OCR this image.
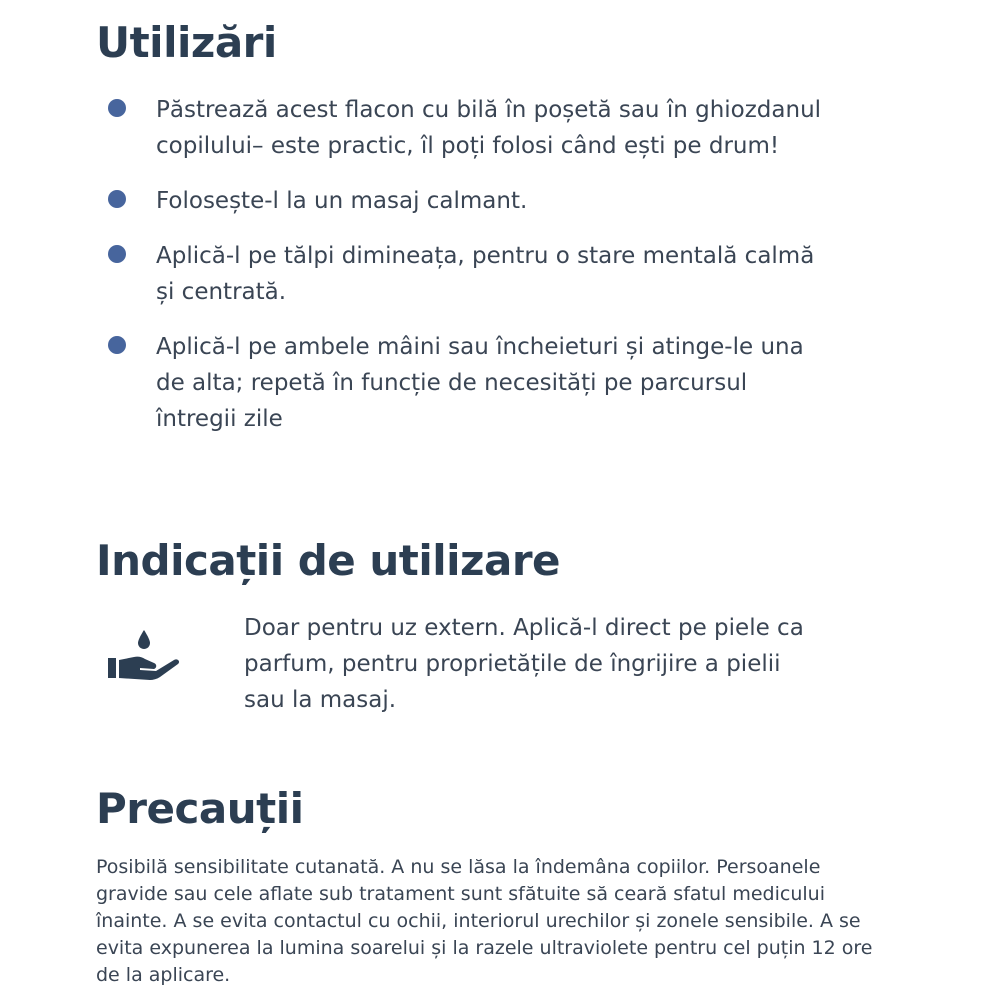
Utilizări
Păstrează acest flacon cu bilă în poșetă sau în ghiozdanul copilului– este practic, îl poți folosi când ești pe drum!
Folosește-l la un masaj calmant.
Aplică-l pe tălpi dimineața, pentru o stare mentală calmă și centrată.
Aplică-l pe ambele mâini sau încheieturi și atinge-le una de alta; repetă în funcție de necesități pe parcursul întregii zile
Indicații de utilizare

Doar pentru uz extern. Aplică-l direct pe piele ca parfum, pentru proprietățile de îngrijire a pielii sau la masaj.

Precauții

Posibilă sensibilitate cutanată. A nu se lăsa la îndemâna copiilor. Persoanele gravide sau cele aflate sub tratament sunt sfătuite să ceară sfatul medicului înainte. A se evita contactul cu ochii, interiorul urechilor și zonele sensibile. A se evita expunerea la lumina soarelui și la razele ultraviolete pentru cel puțin 12 ore de la aplicare.
